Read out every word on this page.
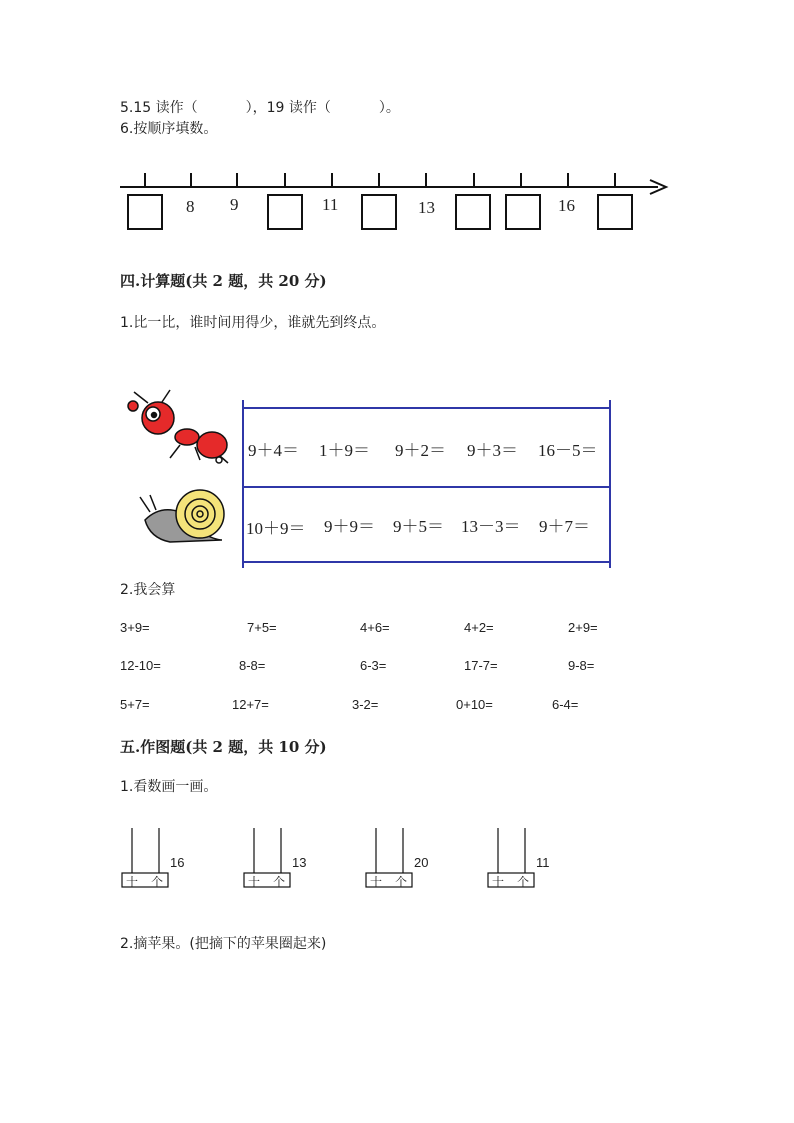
5.15 读作（	），19 读作（	）。
6.按顺序填数。
8 9	11	13	16
四.计算题(共 2 题，共 20 分)
1.比一比，谁时间用得少，谁就先到终点。
9＋4＝ 1＋9＝ 9＋2＝ 9＋3＝ 16－5＝
10＋9＝ 9＋9＝ 9＋5＝ 13－3＝ 9＋7＝
2.我会算
3+9=	7+5=	4+6=	4+2=	2+9=
12-10=	8-8=	6-3=	17-7=	9-8=
5+7=	12+7=	3-2=	0+10=	6-4=
五.作图题(共 2 题，共 10 分)
1.看数画一画。
16
十 个
13
十 个
20
十 个
11
十 个
2.摘苹果。(把摘下的苹果圈起来)
